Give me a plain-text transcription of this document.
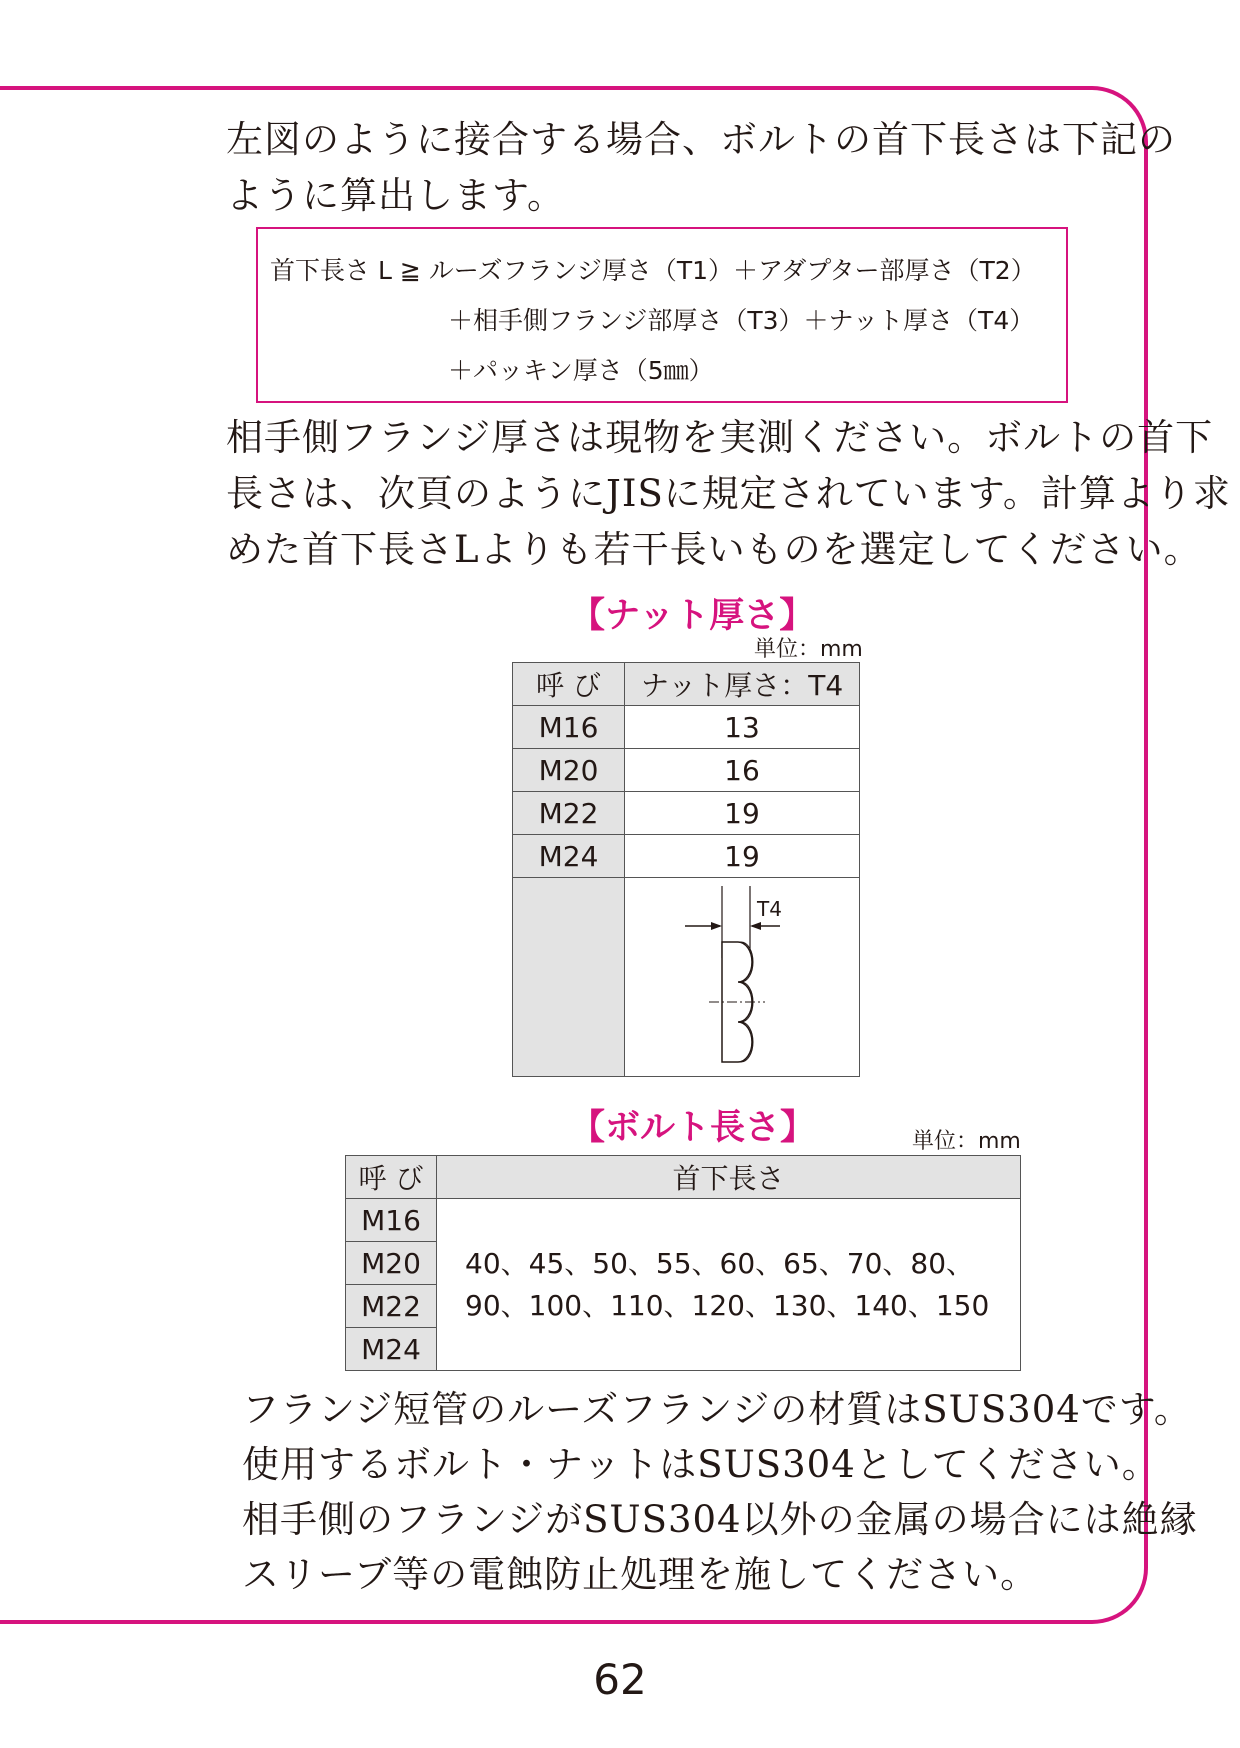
左図のように接合する場合、ボルトの首下長さは下記の
ように算出します。
首下長さ L ≧ ルーズフランジ厚さ（T1）＋アダプター部厚さ（T2）
＋相手側フランジ部厚さ（T3）＋ナット厚さ（T4）
＋パッキン厚さ（5㎜）
相手側フランジ厚さは現物を実測ください。ボルトの首下
長さは、次頁のようにJISに規定されています。計算より求
めた首下長さLよりも若干長いものを選定してください。
【ナット厚さ】
単位：mm
呼 び	ナット厚さ：T4
M16	13
M20	16
M22	19
M24	19

T4
【ボルト長さ】	単位：mm
呼 び	首下長さ
M16	40、45、50、55、60、65、70、80、
90、100、110、120、130、140、150

M20	
M22	
M24	
フランジ短管のルーズフランジの材質はSUS304です。
使用するボルト・ナットはSUS304としてください。
相手側のフランジがSUS304以外の金属の場合には絶縁
スリーブ等の電蝕防止処理を施してください。
62
